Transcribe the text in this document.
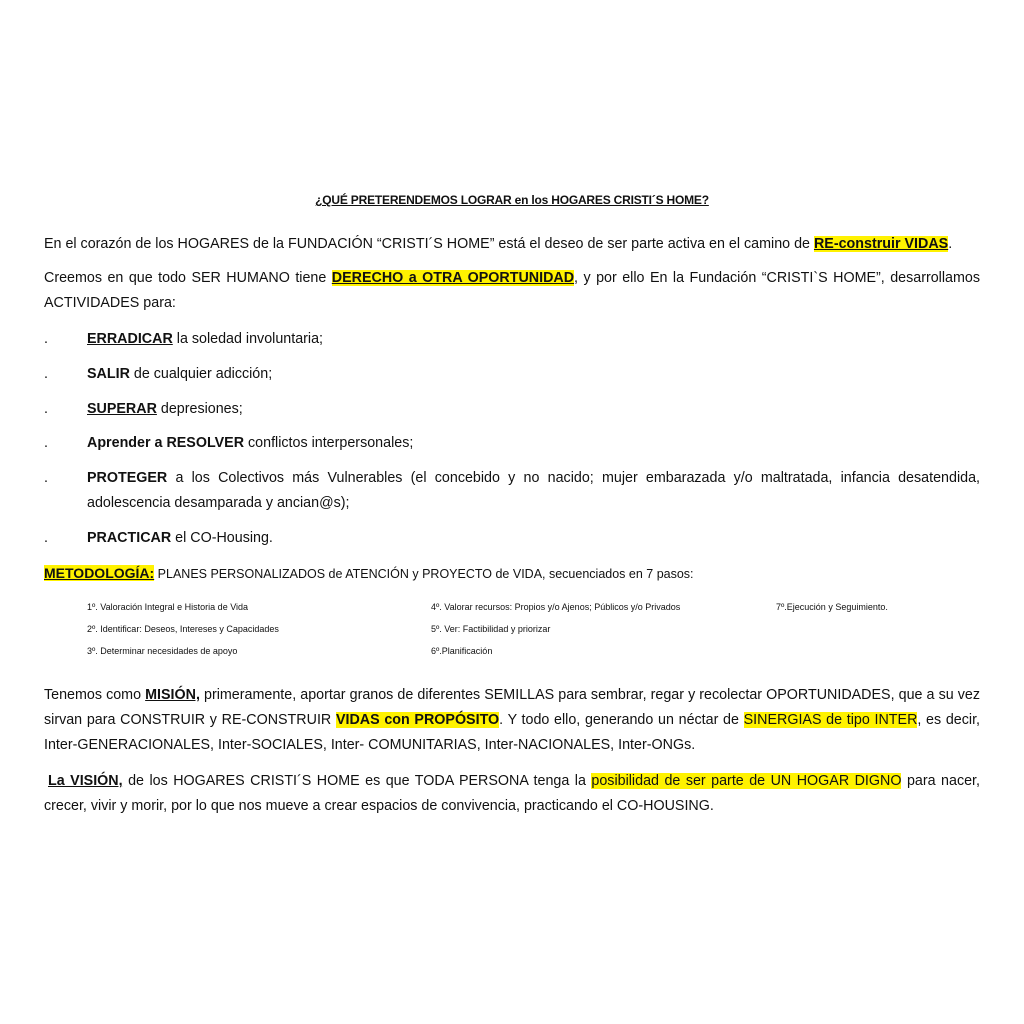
¿QUÉ PRETERENDEMOS LOGRAR en los HOGARES CRISTI´S HOME?
En el corazón de los HOGARES de la FUNDACIÓN “CRISTI´S HOME” está el deseo de ser parte activa en el camino de RE-construir VIDAS.
Creemos en que todo SER HUMANO tiene DERECHO a OTRA OPORTUNIDAD, y por ello En la Fundación “CRISTI`S HOME”, desarrollamos ACTIVIDADES para:
.	ERRADICAR la soledad involuntaria;
.	SALIR de cualquier adicción;
.	SUPERAR depresiones;
.	Aprender a RESOLVER conflictos interpersonales;
.	PROTEGER a los Colectivos más Vulnerables (el concebido y no nacido; mujer embarazada y/o maltratada, infancia desatendida, adolescencia desamparada y ancian@s);
.	PRACTICAR el CO-Housing.
METODOLOGÍA: PLANES PERSONALIZADOS de ATENCIÓN y PROYECTO de VIDA, secuenciados en 7 pasos:
1º. Valoración Integral e Historia de Vida
2º. Identificar: Deseos, Intereses y Capacidades
3º. Determinar necesidades de apoyo
4º. Valorar recursos: Propios y/o Ajenos; Públicos y/o Privados
5º. Ver: Factibilidad y priorizar
6º.Planificación
7º.Ejecución y Seguimiento.
Tenemos como MISIÓN, primeramente, aportar granos de diferentes SEMILLAS para sembrar, regar y recolectar OPORTUNIDADES, que a su vez sirvan para CONSTRUIR y RE-CONSTRUIR VIDAS con PROPÓSITO. Y todo ello, generando un néctar de SINERGIAS de tipo INTER, es decir, Inter-GENERACIONALES, Inter-SOCIALES, Inter- COMUNITARIAS, Inter-NACIONALES, Inter-ONGs.
La VISIÓN, de los HOGARES CRISTI´S HOME es que TODA PERSONA tenga la posibilidad de ser parte de UN HOGAR DIGNO para nacer, crecer, vivir y morir, por lo que nos mueve a crear espacios de convivencia, practicando el CO-HOUSING.
